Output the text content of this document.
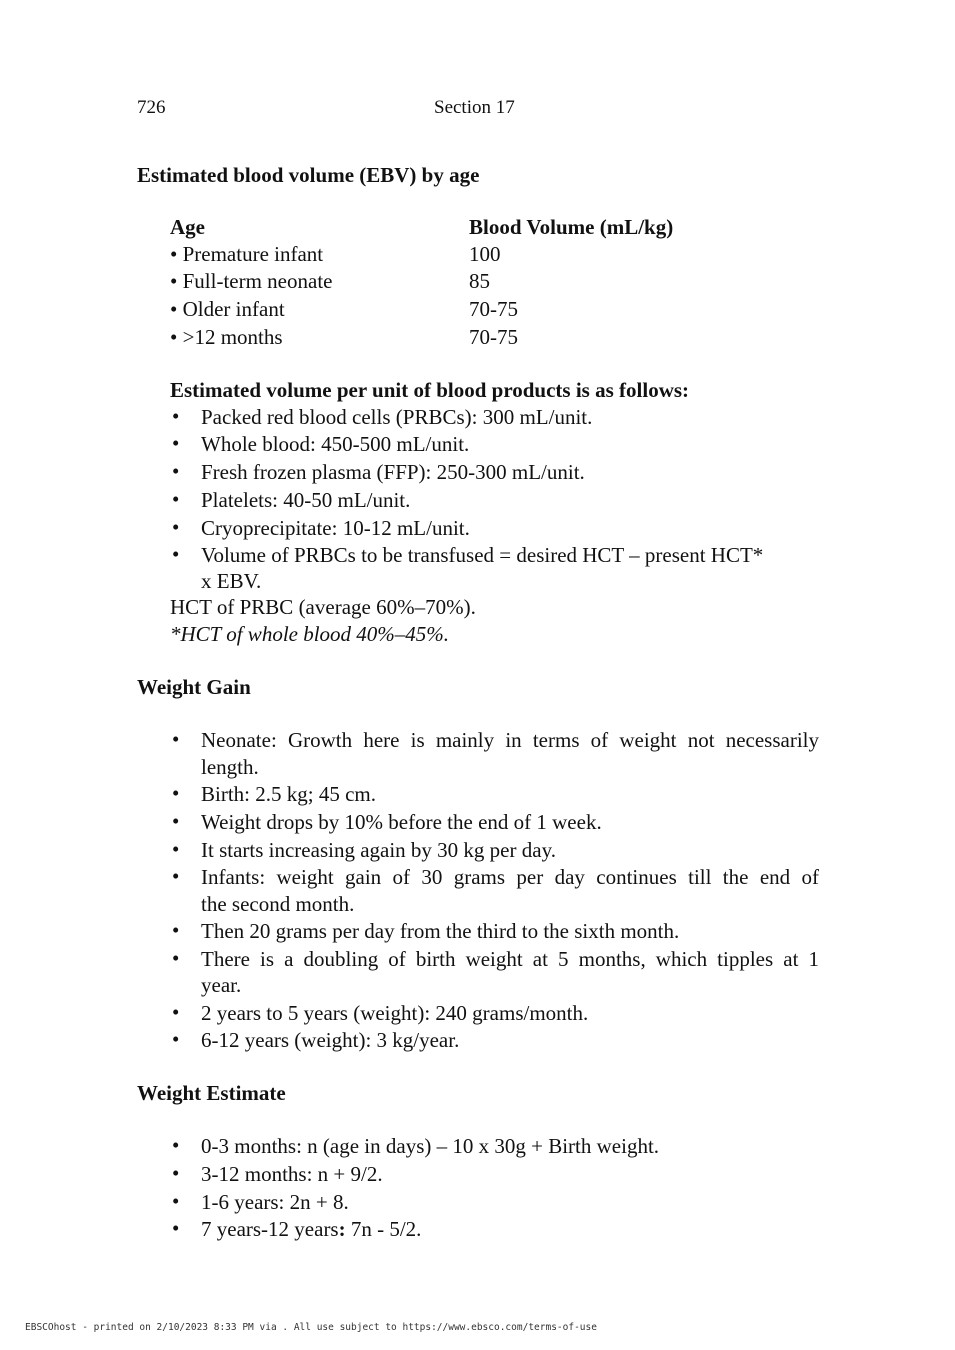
726	Section 17
Estimated blood volume (EBV) by age
Age	Blood Volume (mL/kg)
• Premature infant	100
• Full-term neonate	85
• Older infant	70-75
• >12 months	70-75
Estimated volume per unit of blood products is as follows:
• Packed red blood cells (PRBCs): 300 mL/unit.
• Whole blood: 450-500 mL/unit.
• Fresh frozen plasma (FFP): 250-300 mL/unit.
• Platelets: 40-50 mL/unit.
• Cryoprecipitate: 10-12 mL/unit.
• Volume of PRBCs to be transfused = desired HCT – present HCT*
x EBV.
HCT of PRBC (average 60%–70%).
*HCT of whole blood 40%–45%.
Weight Gain
• Neonate: Growth here is mainly in terms of weight not necessarily
length.
• Birth: 2.5 kg; 45 cm.
• Weight drops by 10% before the end of 1 week.
• It starts increasing again by 30 kg per day.
• Infants: weight gain of 30 grams per day continues till the end of
the second month.
• Then 20 grams per day from the third to the sixth month.
• There is a doubling of birth weight at 5 months, which tipples at 1
year.
• 2 years to 5 years (weight): 240 grams/month.
• 6-12 years (weight): 3 kg/year.
Weight Estimate
• 0-3 months: n (age in days) – 10 x 30g + Birth weight.
• 3-12 months: n + 9/2.
• 1-6 years: 2n + 8.
• 7 years-12 years: 7n - 5/2.
EBSCOhost - printed on 2/10/2023 8:33 PM via . All use subject to https://www.ebsco.com/terms-of-use
